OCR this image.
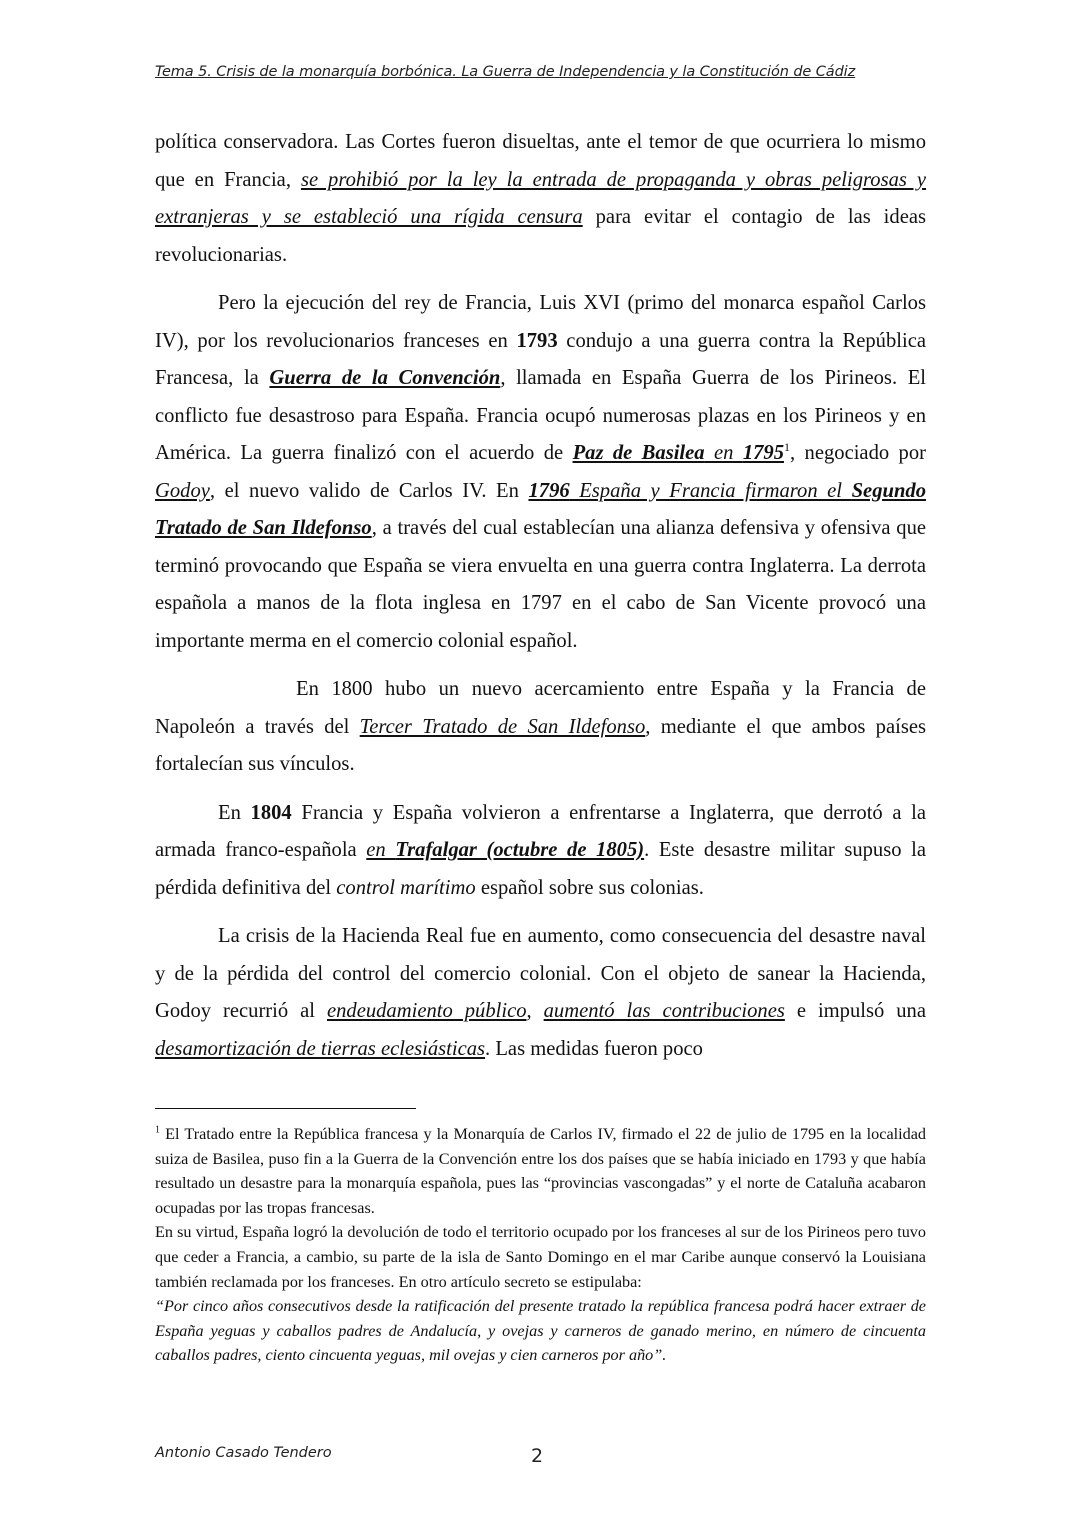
Tema 5. Crisis de la monarquía borbónica. La Guerra de Independencia y la Constitución de Cádiz

política conservadora. Las Cortes fueron disueltas, ante el temor de que ocurriera lo mismo que en Francia, se prohibió por la ley la entrada de propaganda y obras peligrosas y extranjeras y se estableció una rígida censura para evitar el contagio de las ideas revolucionarias.

Pero la ejecución del rey de Francia, Luis XVI (primo del monarca español Carlos IV), por los revolucionarios franceses en 1793 condujo a una guerra contra la República Francesa, la Guerra de la Convención, llamada en España Guerra de los Pirineos. El conflicto fue desastroso para España. Francia ocupó numerosas plazas en los Pirineos y en América. La guerra finalizó con el acuerdo de Paz de Basilea en 1795$^1$, negociado por Godoy, el nuevo valido de Carlos IV. En 1796 España y Francia firmaron el Segundo Tratado de San Ildefonso, a través del cual establecían una alianza defensiva y ofensiva que terminó provocando que España se viera envuelta en una guerra contra Inglaterra. La derrota española a manos de la flota inglesa en 1797 en el cabo de San Vicente provocó una importante merma en el comercio colonial español.

En 1800 hubo un nuevo acercamiento entre España y la Francia de Napoleón a través del Tercer Tratado de San Ildefonso, mediante el que ambos países fortalecían sus vínculos.

En 1804 Francia y España volvieron a enfrentarse a Inglaterra, que derrotó a la armada franco-española en Trafalgar (octubre de 1805). Este desastre militar supuso la pérdida definitiva del control marítimo español sobre sus colonias.

La crisis de la Hacienda Real fue en aumento, como consecuencia del desastre naval y de la pérdida del control del comercio colonial. Con el objeto de sanear la Hacienda, Godoy recurrió al endeudamiento público, aumentó las contribuciones e impulsó una desamortización de tierras eclesiásticas. Las medidas fueron poco

$^1$ El Tratado entre la República francesa y la Monarquía de Carlos IV, firmado el 22 de julio de 1795 en la localidad suiza de Basilea, puso fin a la Guerra de la Convención entre los dos países que se había iniciado en 1793 y que había resultado un desastre para la monarquía española, pues las “provincias vascongadas” y el norte de Cataluña acabaron ocupadas por las tropas francesas.

En su virtud, España logró la devolución de todo el territorio ocupado por los franceses al sur de los Pirineos pero tuvo que ceder a Francia, a cambio, su parte de la isla de Santo Domingo en el mar Caribe aunque conservó la Louisiana también reclamada por los franceses. En otro artículo secreto se estipulaba:

“Por cinco años consecutivos desde la ratificación del presente tratado la república francesa podrá hacer extraer de España yeguas y caballos padres de Andalucía, y ovejas y carneros de ganado merino, en número de cincuenta caballos padres, ciento cincuenta yeguas, mil ovejas y cien carneros por año”.

Antonio Casado Tendero	2
